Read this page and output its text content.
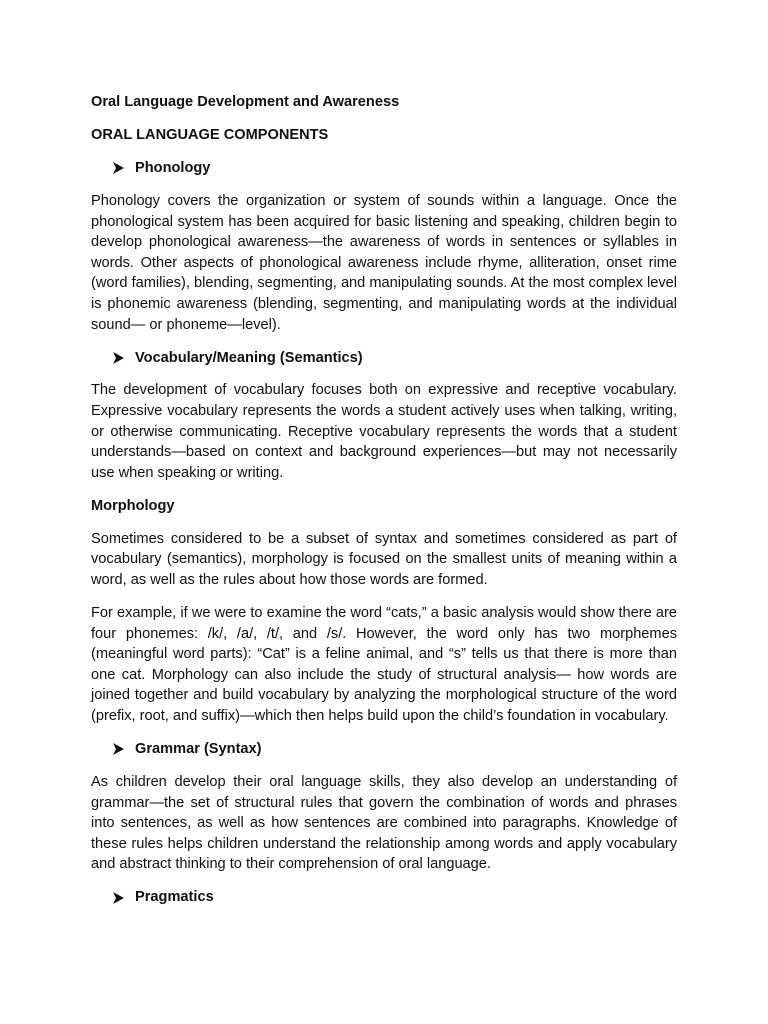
Oral Language Development and Awareness
ORAL LANGUAGE COMPONENTS
Phonology

Phonology covers the organization or system of sounds within a language. Once the phonological system has been acquired for basic listening and speaking, children begin to develop phonological awareness—the awareness of words in sentences or syllables in words. Other aspects of phonological awareness include rhyme, alliteration, onset rime (word families), blending, segmenting, and manipulating sounds. At the most complex level is phonemic awareness (blending, segmenting, and manipulating words at the individual sound— or phoneme—level).

Vocabulary/Meaning (Semantics)

The development of vocabulary focuses both on expressive and receptive vocabulary. Expressive vocabulary represents the words a student actively uses when talking, writing, or otherwise communicating. Receptive vocabulary represents the words that a student understands—based on context and background experiences—but may not necessarily use when speaking or writing.

Morphology

Sometimes considered to be a subset of syntax and sometimes considered as part of vocabulary (semantics), morphology is focused on the smallest units of meaning within a word, as well as the rules about how those words are formed.

For example, if we were to examine the word “cats,” a basic analysis would show there are four phonemes: /k/, /a/, /t/, and /s/. However, the word only has two morphemes (meaningful word parts): “Cat” is a feline animal, and “s” tells us that there is more than one cat. Morphology can also include the study of structural analysis— how words are joined together and build vocabulary by analyzing the morphological structure of the word (prefix, root, and suffix)—which then helps build upon the child’s foundation in vocabulary.

Grammar (Syntax)

As children develop their oral language skills, they also develop an understanding of grammar—the set of structural rules that govern the combination of words and phrases into sentences, as well as how sentences are combined into paragraphs. Knowledge of these rules helps children understand the relationship among words and apply vocabulary and abstract thinking to their comprehension of oral language.

Pragmatics
